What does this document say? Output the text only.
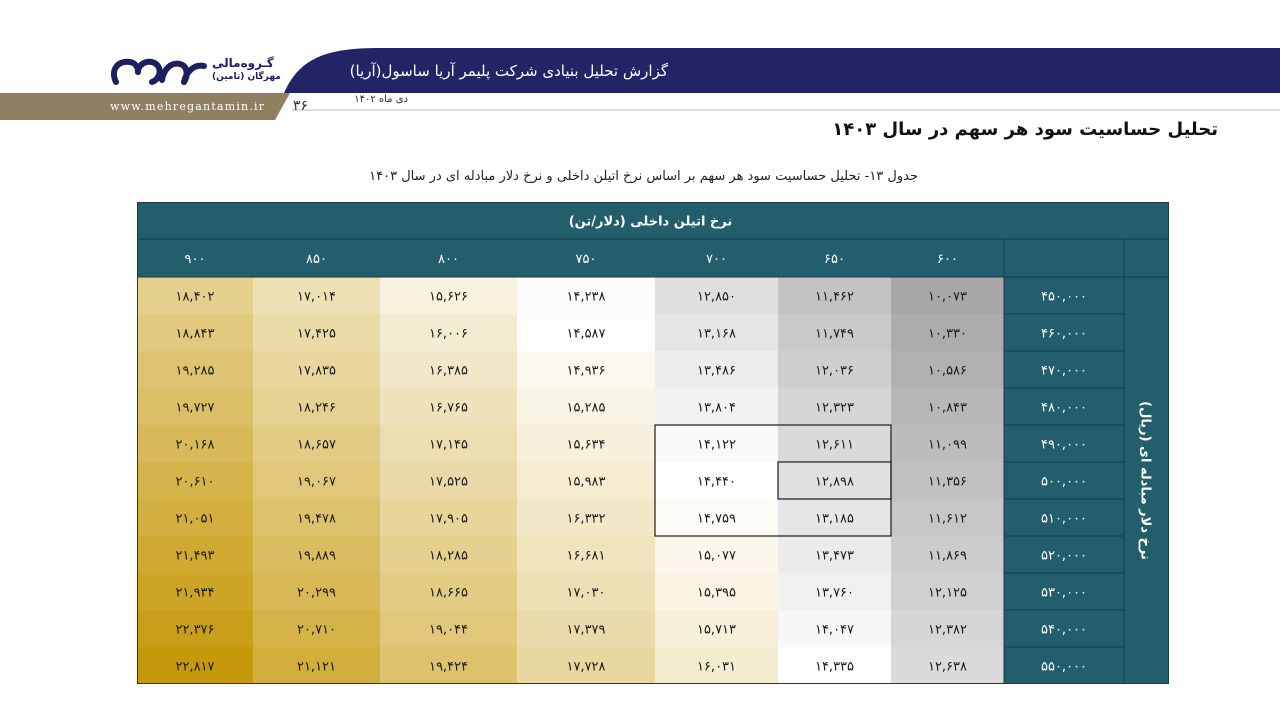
گـروه‌مالی
مهرگان (تامین)	گزارش تحلیل بنیادی شرکت پلیمر آریا ساسول(آریا)
دی ماه ۱۴۰۲
www.mehregantamin.ir ۳۶
تحلیل حساسیت سود هر سهم در سال ۱۴۰۳
جدول ۱۳- تحلیل حساسیت سود هر سهم بر اساس نرخ اتیلن داخلی و نرخ دلار مبادله ای در سال ۱۴۰۳
نرخ اتیلن داخلی (دلار/تن)
۶۰۰
۶۵۰
۷۰۰
۷۵۰
۸۰۰
۸۵۰
۹۰۰
نرخ دلار مبادله ای (ریال)
۴۵۰,۰۰۰
۱۰,۰۷۳
۱۱,۴۶۲
۱۲,۸۵۰
۱۴,۲۳۸
۱۵,۶۲۶
۱۷,۰۱۴
۱۸,۴۰۲
۴۶۰,۰۰۰
۱۰,۳۳۰
۱۱,۷۴۹
۱۳,۱۶۸
۱۴,۵۸۷
۱۶,۰۰۶
۱۷,۴۲۵
۱۸,۸۴۳
۴۷۰,۰۰۰
۱۰,۵۸۶
۱۲,۰۳۶
۱۳,۴۸۶
۱۴,۹۳۶
۱۶,۳۸۵
۱۷,۸۳۵
۱۹,۲۸۵
۴۸۰,۰۰۰
۱۰,۸۴۳
۱۲,۳۲۳
۱۳,۸۰۴
۱۵,۲۸۵
۱۶,۷۶۵
۱۸,۲۴۶
۱۹,۷۲۷
۴۹۰,۰۰۰
۱۱,۰۹۹
۱۲,۶۱۱
۱۴,۱۲۲
۱۵,۶۳۴
۱۷,۱۴۵
۱۸,۶۵۷
۲۰,۱۶۸
۵۰۰,۰۰۰
۱۱,۳۵۶
۱۲,۸۹۸
۱۴,۴۴۰
۱۵,۹۸۳
۱۷,۵۲۵
۱۹,۰۶۷
۲۰,۶۱۰
۵۱۰,۰۰۰
۱۱,۶۱۲
۱۳,۱۸۵
۱۴,۷۵۹
۱۶,۳۳۲
۱۷,۹۰۵
۱۹,۴۷۸
۲۱,۰۵۱
۵۲۰,۰۰۰
۱۱,۸۶۹
۱۳,۴۷۳
۱۵,۰۷۷
۱۶,۶۸۱
۱۸,۲۸۵
۱۹,۸۸۹
۲۱,۴۹۳
۵۳۰,۰۰۰
۱۲,۱۲۵
۱۳,۷۶۰
۱۵,۳۹۵
۱۷,۰۳۰
۱۸,۶۶۵
۲۰,۲۹۹
۲۱,۹۳۴
۵۴۰,۰۰۰
۱۲,۳۸۲
۱۴,۰۴۷
۱۵,۷۱۳
۱۷,۳۷۹
۱۹,۰۴۴
۲۰,۷۱۰
۲۲,۳۷۶
۵۵۰,۰۰۰
۱۲,۶۳۸
۱۴,۳۳۵
۱۶,۰۳۱
۱۷,۷۲۸
۱۹,۴۲۴
۲۱,۱۲۱
۲۲,۸۱۷
